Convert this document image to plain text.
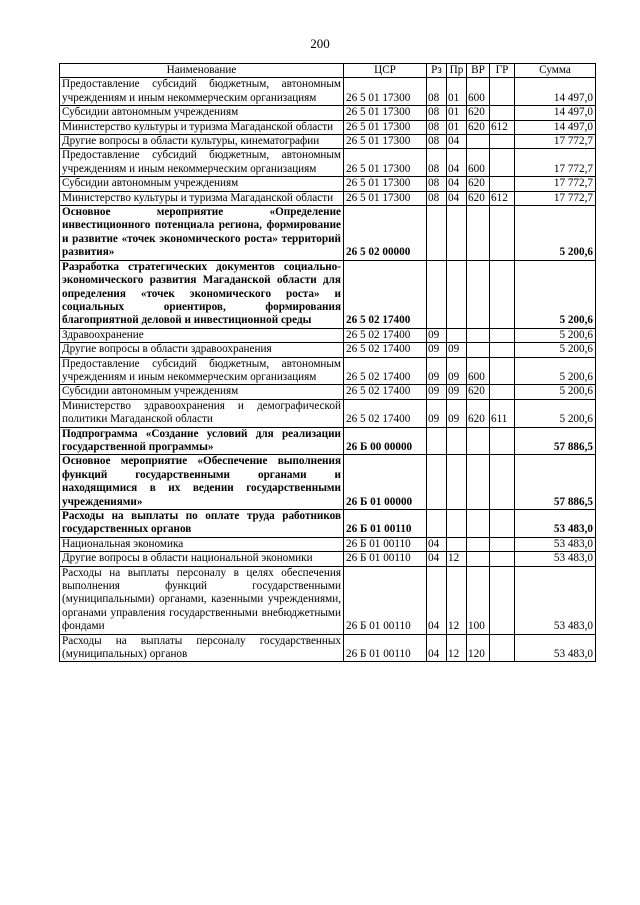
200
Наименование	ЦСР	Рз	Пр	ВР	ГР	Сумма
Предоставление субсидий бюджетным, автономным учреждениям и иным некоммерческим организациям	26 5 01 17300	08	01	600		14 497,0
Субсидии автономным учреждениям	26 5 01 17300	08	01	620		14 497,0
Министерство культуры и туризма Магаданской области	26 5 01 17300	08	01	620	612	14 497,0
Другие вопросы в области культуры, кинематографии	26 5 01 17300	08	04			17 772,7
Предоставление субсидий бюджетным, автономным учреждениям и иным некоммерческим организациям	26 5 01 17300	08	04	600		17 772,7
Субсидии автономным учреждениям	26 5 01 17300	08	04	620		17 772,7
Министерство культуры и туризма Магаданской области	26 5 01 17300	08	04	620	612	17 772,7
Основное мероприятие «Определение инвестиционного потенциала региона, формирование и развитие «точек экономического роста» территорий развития»	26 5 02 00000					5 200,6
Разработка стратегических документов социально-экономического развития Магаданской области для определения «точек экономического роста» и социальных ориентиров, формирования благоприятной деловой и инвестиционной среды	26 5 02 17400					5 200,6
Здравоохранение	26 5 02 17400	09				5 200,6
Другие вопросы в области здравоохранения	26 5 02 17400	09	09			5 200,6
Предоставление субсидий бюджетным, автономным учреждениям и иным некоммерческим организациям	26 5 02 17400	09	09	600		5 200,6
Субсидии автономным учреждениям	26 5 02 17400	09	09	620		5 200,6
Министерство здравоохранения и демографической политики Магаданской области	26 5 02 17400	09	09	620	611	5 200,6
Подпрограмма «Создание условий для реализации государственной программы»	26 Б 00 00000					57 886,5
Основное мероприятие «Обеспечение выполнения функций государственными органами и находящимися в их ведении государственными учреждениями»	26 Б 01 00000					57 886,5
Расходы на выплаты по оплате труда работников государственных органов	26 Б 01 00110					53 483,0
Национальная экономика	26 Б 01 00110	04				53 483,0
Другие вопросы в области национальной экономики	26 Б 01 00110	04	12			53 483,0
Расходы на выплаты персоналу в целях обеспечения выполнения функций государственными (муниципальными) органами, казенными учреждениями, органами управления государственными внебюджетными фондами	26 Б 01 00110	04	12	100		53 483,0
Расходы на выплаты персоналу государственных (муниципальных) органов	26 Б 01 00110	04	12	120		53 483,0
